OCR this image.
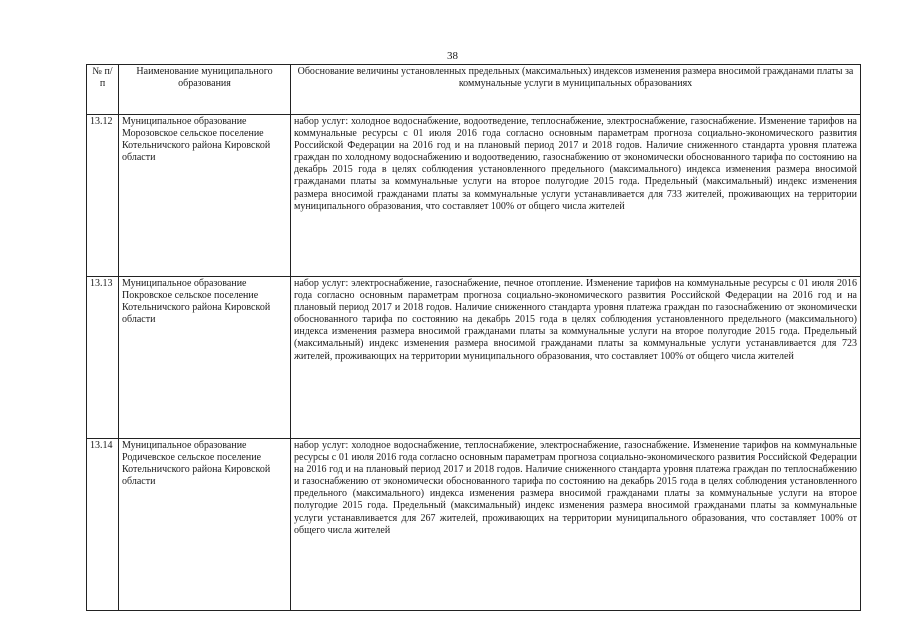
38
№ п/п	Наименование муниципального образования	Обоснование величины установленных предельных (максимальных) индексов изменения размера вносимой гражданами платы за коммунальные услуги в муниципальных образованиях
13.12	Муниципальное образование Морозовское сельское поселение Котельничского района Кировской области	набор услуг: холодное водоснабжение, водоотведение, теплоснабжение, электроснабжение, газоснабжение. Изменение тарифов на коммунальные ресурсы с 01 июля 2016 года согласно основным параметрам прогноза социально-экономического развития Российской Федерации на 2016 год и на плановый период 2017 и 2018 годов. Наличие сниженного стандарта уровня платежа граждан по холодному водоснабжению и водоотведению, газоснабжению от экономически обоснованного тарифа по состоянию на декабрь 2015 года в целях соблюдения установленного предельного (максимального) индекса изменения размера вносимой гражданами платы за коммунальные услуги на второе полугодие 2015 года. Предельный (максимальный) индекс изменения размера вносимой гражданами платы за коммунальные услуги устанавливается для 733 жителей, проживающих на территории муниципального образования, что составляет 100% от общего числа жителей
13.13	Муниципальное образование Покровское сельское поселение Котельничского района Кировской области	набор услуг: электроснабжение, газоснабжение, печное отопление. Изменение тарифов на коммунальные ресурсы с 01 июля 2016 года согласно основным параметрам прогноза социально-экономического развития Российской Федерации на 2016 год и на плановый период 2017 и 2018 годов. Наличие сниженного стандарта уровня платежа граждан по газоснабжению от экономически обоснованного тарифа по состоянию на декабрь 2015 года в целях соблюдения установленного предельного (максимального) индекса изменения размера вносимой гражданами платы за коммунальные услуги на второе полугодие 2015 года. Предельный (максимальный) индекс изменения размера вносимой гражданами платы за коммунальные услуги устанавливается для 723 жителей, проживающих на территории муниципального образования, что составляет 100% от общего числа жителей
13.14	Муниципальное образование Родичевское сельское поселение Котельничского района Кировской области	набор услуг: холодное водоснабжение, теплоснабжение, электроснабжение, газоснабжение. Изменение тарифов на коммунальные ресурсы с 01 июля 2016 года согласно основным параметрам прогноза социально-экономического развития Российской Федерации на 2016 год и на плановый период 2017 и 2018 годов. Наличие сниженного стандарта уровня платежа граждан по теплоснабжению и газоснабжению от экономически обоснованного тарифа по состоянию на декабрь 2015 года в целях соблюдения установленного предельного (максимального) индекса изменения размера вносимой гражданами платы за коммунальные услуги на второе полугодие 2015 года. Предельный (максимальный) индекс изменения размера вносимой гражданами платы за коммунальные услуги устанавливается для 267 жителей, проживающих на территории муниципального образования, что составляет 100% от общего числа жителей
